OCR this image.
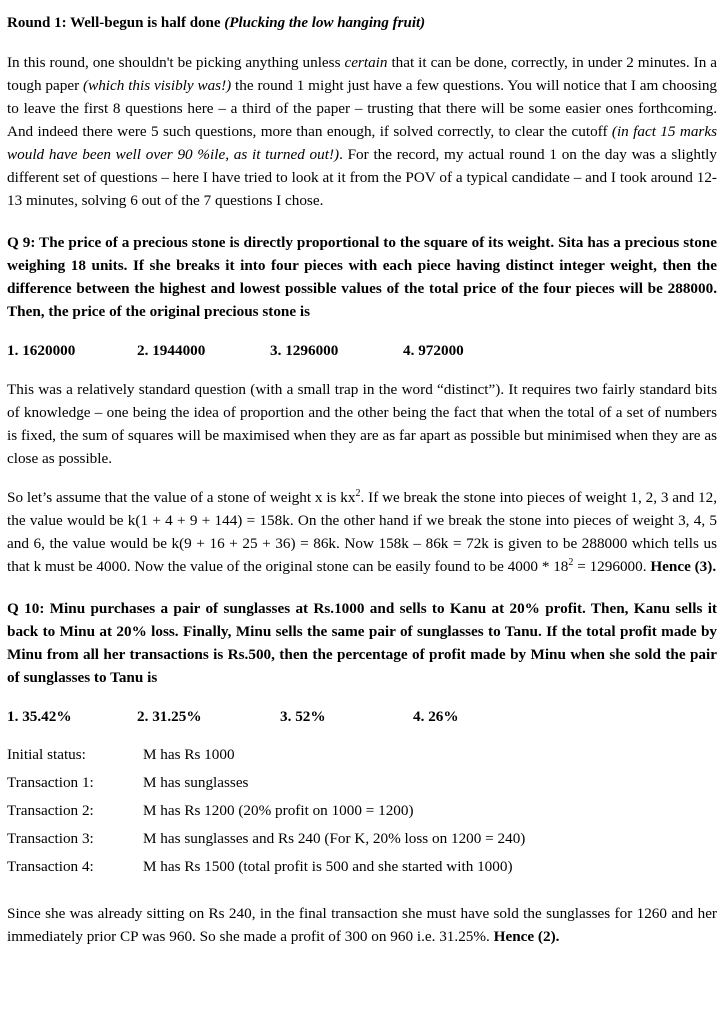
Round 1: Well-begun is half done (Plucking the low hanging fruit)

In this round, one shouldn't be picking anything unless certain that it can be done, correctly, in under 2 minutes. In a tough paper (which this visibly was!) the round 1 might just have a few questions. You will notice that I am choosing to leave the first 8 questions here – a third of the paper – trusting that there will be some easier ones forthcoming. And indeed there were 5 such questions, more than enough, if solved correctly, to clear the cutoff (in fact 15 marks would have been well over 90 %ile, as it turned out!). For the record, my actual round 1 on the day was a slightly different set of questions – here I have tried to look at it from the POV of a typical candidate – and I took around 12-13 minutes, solving 6 out of the 7 questions I chose.

Q 9: The price of a precious stone is directly proportional to the square of its weight. Sita has a precious stone weighing 18 units. If she breaks it into four pieces with each piece having distinct integer weight, then the difference between the highest and lowest possible values of the total price of the four pieces will be 288000. Then, the price of the original precious stone is
1. 1620000	2. 1944000	3. 1296000	4. 972000

This was a relatively standard question (with a small trap in the word “distinct”). It requires two fairly standard bits of knowledge – one being the idea of proportion and the other being the fact that when the total of a set of numbers is fixed, the sum of squares will be maximised when they are as far apart as possible but minimised when they are as close as possible.

So let’s assume that the value of a stone of weight x is $kx^2$. If we break the stone into pieces of weight 1, 2, 3 and 12, the value would be k(1 + 4 + 9 + 144) = 158k. On the other hand if we break the stone into pieces of weight 3, 4, 5 and 6, the value would be k(9 + 16 + 25 + 36) = 86k. Now 158k – 86k = 72k is given to be 288000 which tells us that k must be 4000. Now the value of the original stone can be easily found to be $4000 * 18^2 = 1296000$. Hence (3).

Q 10: Minu purchases a pair of sunglasses at Rs.1000 and sells to Kanu at 20% profit. Then, Kanu sells it back to Minu at 20% loss. Finally, Minu sells the same pair of sunglasses to Tanu. If the total profit made by Minu from all her transactions is Rs.500, then the percentage of profit made by Minu when she sold the pair of sunglasses to Tanu is
1. 35.42%	2. 31.25%	3. 52%	4. 26%
Initial status:	M has Rs 1000
Transaction 1:	M has sunglasses
Transaction 2:	M has Rs 1200 (20% profit on 1000 = 1200)
Transaction 3:	M has sunglasses and Rs 240 (For K, 20% loss on 1200 = 240)
Transaction 4:	M has Rs 1500 (total profit is 500 and she started with 1000)

Since she was already sitting on Rs 240, in the final transaction she must have sold the sunglasses for 1260 and her immediately prior CP was 960. So she made a profit of 300 on 960 i.e. 31.25%. Hence (2).
